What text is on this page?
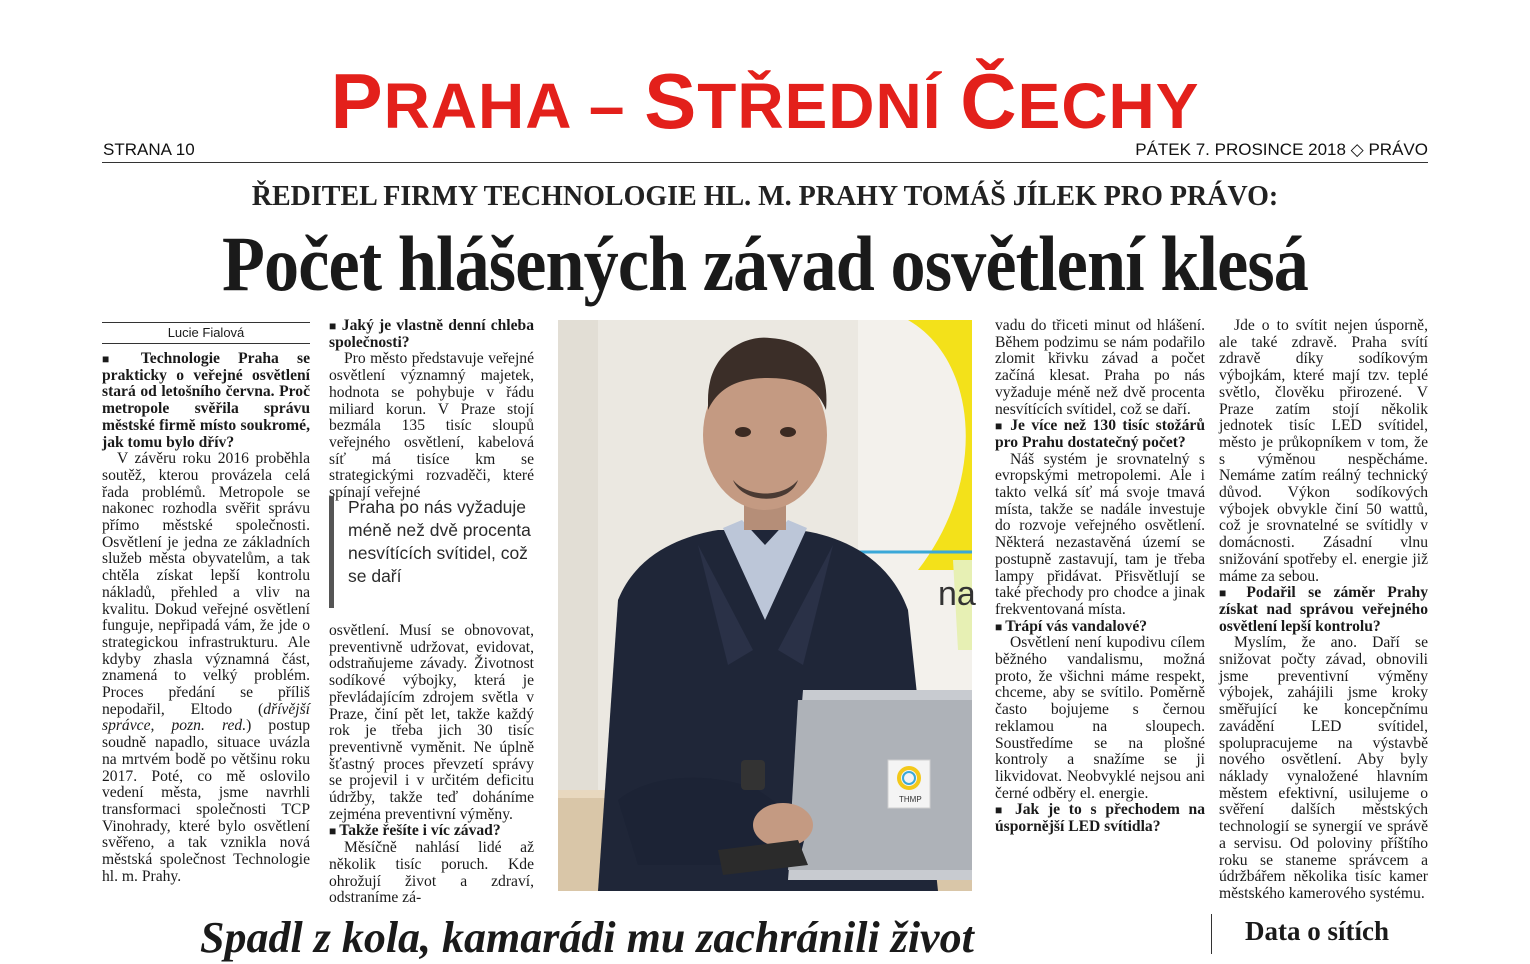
PRAHA – STŘEDNÍ ČECHY
STRANA 10	PÁTEK 7. PROSINCE 2018 ◇ PRÁVO
ŘEDITEL FIRMY TECHNOLOGIE HL. M. PRAHY TOMÁŠ JÍLEK PRO PRÁVO:
Počet hlášených závad osvětlení klesá
Lucie Fialová

■ Technologie Praha se prakticky o veřejné osvětlení stará od letošního června. Proč metropole svěřila správu městské firmě místo soukromé, jak tomu bylo dřív?

V závěru roku 2016 proběhla soutěž, kterou provázela celá řada problémů. Metropole se nakonec rozhodla svěřit správu přímo městské společnosti. Osvětlení je jedna ze základních služeb města obyvatelům, a tak chtěla získat lepší kontrolu nákladů, přehled a vliv na kvalitu. Dokud veřejné osvětlení funguje, nepřipadá vám, že jde o strategickou infrastrukturu. Ale kdyby zhasla významná část, znamená to velký problém. Proces předání se příliš nepodařil, Eltodo (dřívější správce, pozn. red.) postup soudně napadlo, situace uvázla na mrtvém bodě po většinu roku 2017. Poté, co mě oslovilo vedení města, jsme navrhli transformaci společnosti TCP Vinohrady, které bylo osvětlení svěřeno, a tak vznikla nová městská společnost Technologie hl. m. Prahy.

■ Jaký je vlastně denní chleba společnosti?

Pro město představuje veřejné osvětlení významný majetek, hodnota se pohybuje v řádu miliard korun. V Praze stojí bezmála 135 tisíc sloupů veřejného osvětlení, kabelová síť má tisíce km se strategickými rozvaděči, které spínají veřejné

Praha po nás vyžaduje méně než dvě procenta nesvítících svítidel, což se daří

osvětlení. Musí se obnovovat, preventivně udržovat, evidovat, odstraňujeme závady. Životnost sodíkové výbojky, která je převládajícím zdrojem světla v Praze, činí pět let, takže každý rok je třeba jich 30 tisíc preventivně vyměnit. Ne úplně šťastný proces převzetí správy se projevil i v určitém deficitu údržby, takže teď doháníme zejména preventivní výměny.

■ Takže řešíte i víc závad?

Měsíčně nahlásí lidé až několik tisíc poruch. Kde ohrožují život a zdraví, odstraníme zá-

na
THMP

vadu do třiceti minut od hlášení. Během podzimu se nám podařilo zlomit křivku závad a počet začíná klesat. Praha po nás vyžaduje méně než dvě procenta nesvítících svítidel, což se daří.

■ Je více než 130 tisíc stožárů pro Prahu dostatečný počet?

Náš systém je srovnatelný s evropskými metropolemi. Ale i takto velká síť má svoje tmavá místa, takže se nadále investuje do rozvoje veřejného osvětlení. Některá nezastavěná území se postupně zastavují, tam je třeba lampy přidávat. Přisvětlují se také přechody pro chodce a jinak frekventovaná místa.

■ Trápí vás vandalové?

Osvětlení není kupodivu cílem běžného vandalismu, možná proto, že všichni máme respekt, chceme, aby se svítilo. Poměrně často bojujeme s černou reklamou na sloupech. Soustředíme se na plošné kontroly a snažíme se ji likvidovat. Neobvyklé nejsou ani černé odběry el. energie.

■ Jak je to s přechodem na úspornější LED svítidla?

Jde o to svítit nejen úsporně, ale také zdravě. Praha svítí zdravě díky sodíkovým výbojkám, které mají tzv. teplé světlo, člověku přirozené. V Praze zatím stojí několik jednotek tisíc LED svítidel, město je průkopníkem v tom, že s výměnou nespěcháme. Nemáme zatím reálný technický důvod. Výkon sodíkových výbojek obvykle činí 50 wattů, což je srovnatelné se svítidly v domácnosti. Zásadní vlnu snižování spotřeby el. energie již máme za sebou.

■ Podařil se záměr Prahy získat nad správou veřejného osvětlení lepší kontrolu?

Myslím, že ano. Daří se snižovat počty závad, obnovili jsme preventivní výměny výbojek, zahájili jsme kroky směřující ke koncepčnímu zavádění LED svítidel, spolupracujeme na výstavbě nového osvětlení. Aby byly náklady vynaložené hlavním městem efektivní, usilujeme o svěření dalších městských technologií se synergií ve správě a servisu. Od poloviny příštího roku se staneme správcem a údržbářem několika tisíc kamer městského kamerového systému.

Spadl z kola, kamarádi mu zachránili život	Data o sítích
